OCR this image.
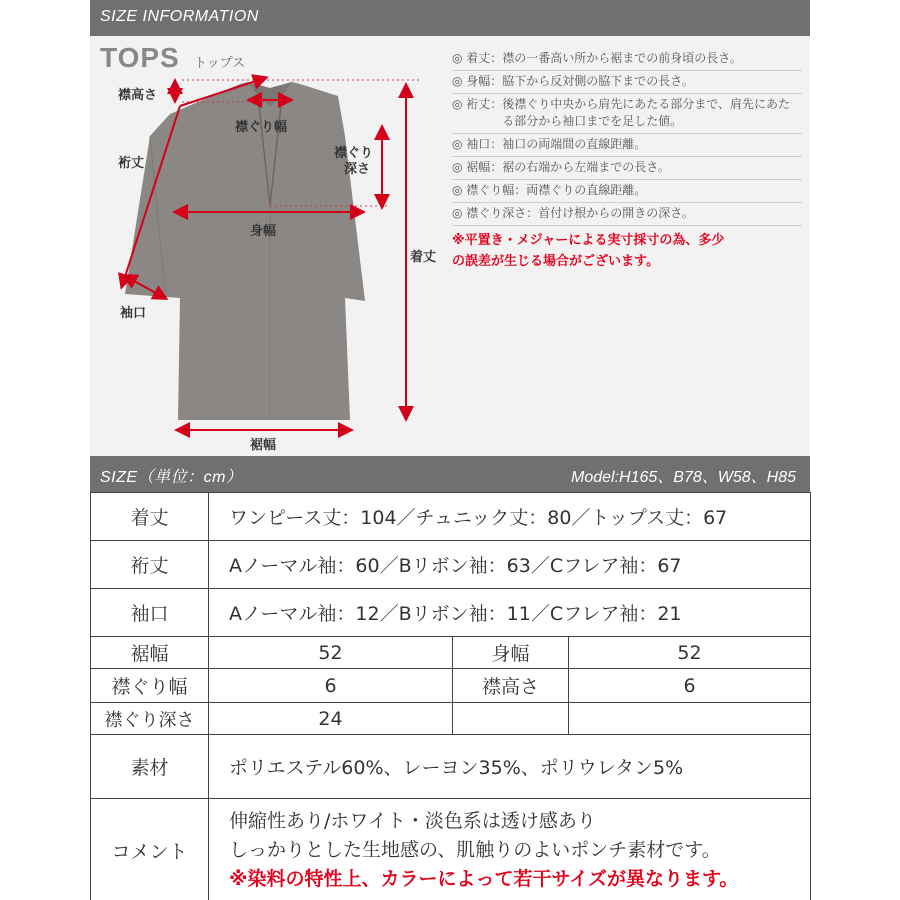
SIZE INFORMATION
TOPS トップス
襟高さ
襟ぐり幅
裄丈
襟ぐり
深さ
身幅
着丈
袖口
裾幅
◎ 着丈： 襟の一番高い所から裾までの前身頃の長さ。
◎ 身幅： 脇下から反対側の脇下までの長さ。
◎ 裄丈： 後襟ぐり中央から肩先にあたる部分まで、肩先にあたる部分から袖口までを足した値。
◎ 袖口： 袖口の両端間の直線距離。
◎ 裾幅： 裾の右端から左端までの長さ。
◎ 襟ぐり幅： 両襟ぐりの直線距離。
◎ 襟ぐり深さ： 首付け根からの開きの深さ。
※平置き・メジャーによる実寸採寸の為、多少
の誤差が生じる場合がございます。
SIZE（単位：cm）	Model:H165、B78、W58、H85
着丈	ワンピース丈：104／チュニック丈：80／トップス丈：67		
裄丈	Aノーマル袖：60／Bリボン袖：63／Cフレア袖：67		
袖口	Aノーマル袖：12／Bリボン袖：11／Cフレア袖：21		
裾幅	52	身幅	52
襟ぐり幅	6	襟高さ	6
襟ぐり深さ	24		
素材	ポリエステル60%、レーヨン35%、ポリウレタン5%		
コメント	伸縮性あり/ホワイト・淡色系は透け感あり
しっかりとした生地感の、肌触りのよいポンチ素材です。
※染料の特性上、カラーによって若干サイズが異なります。		
